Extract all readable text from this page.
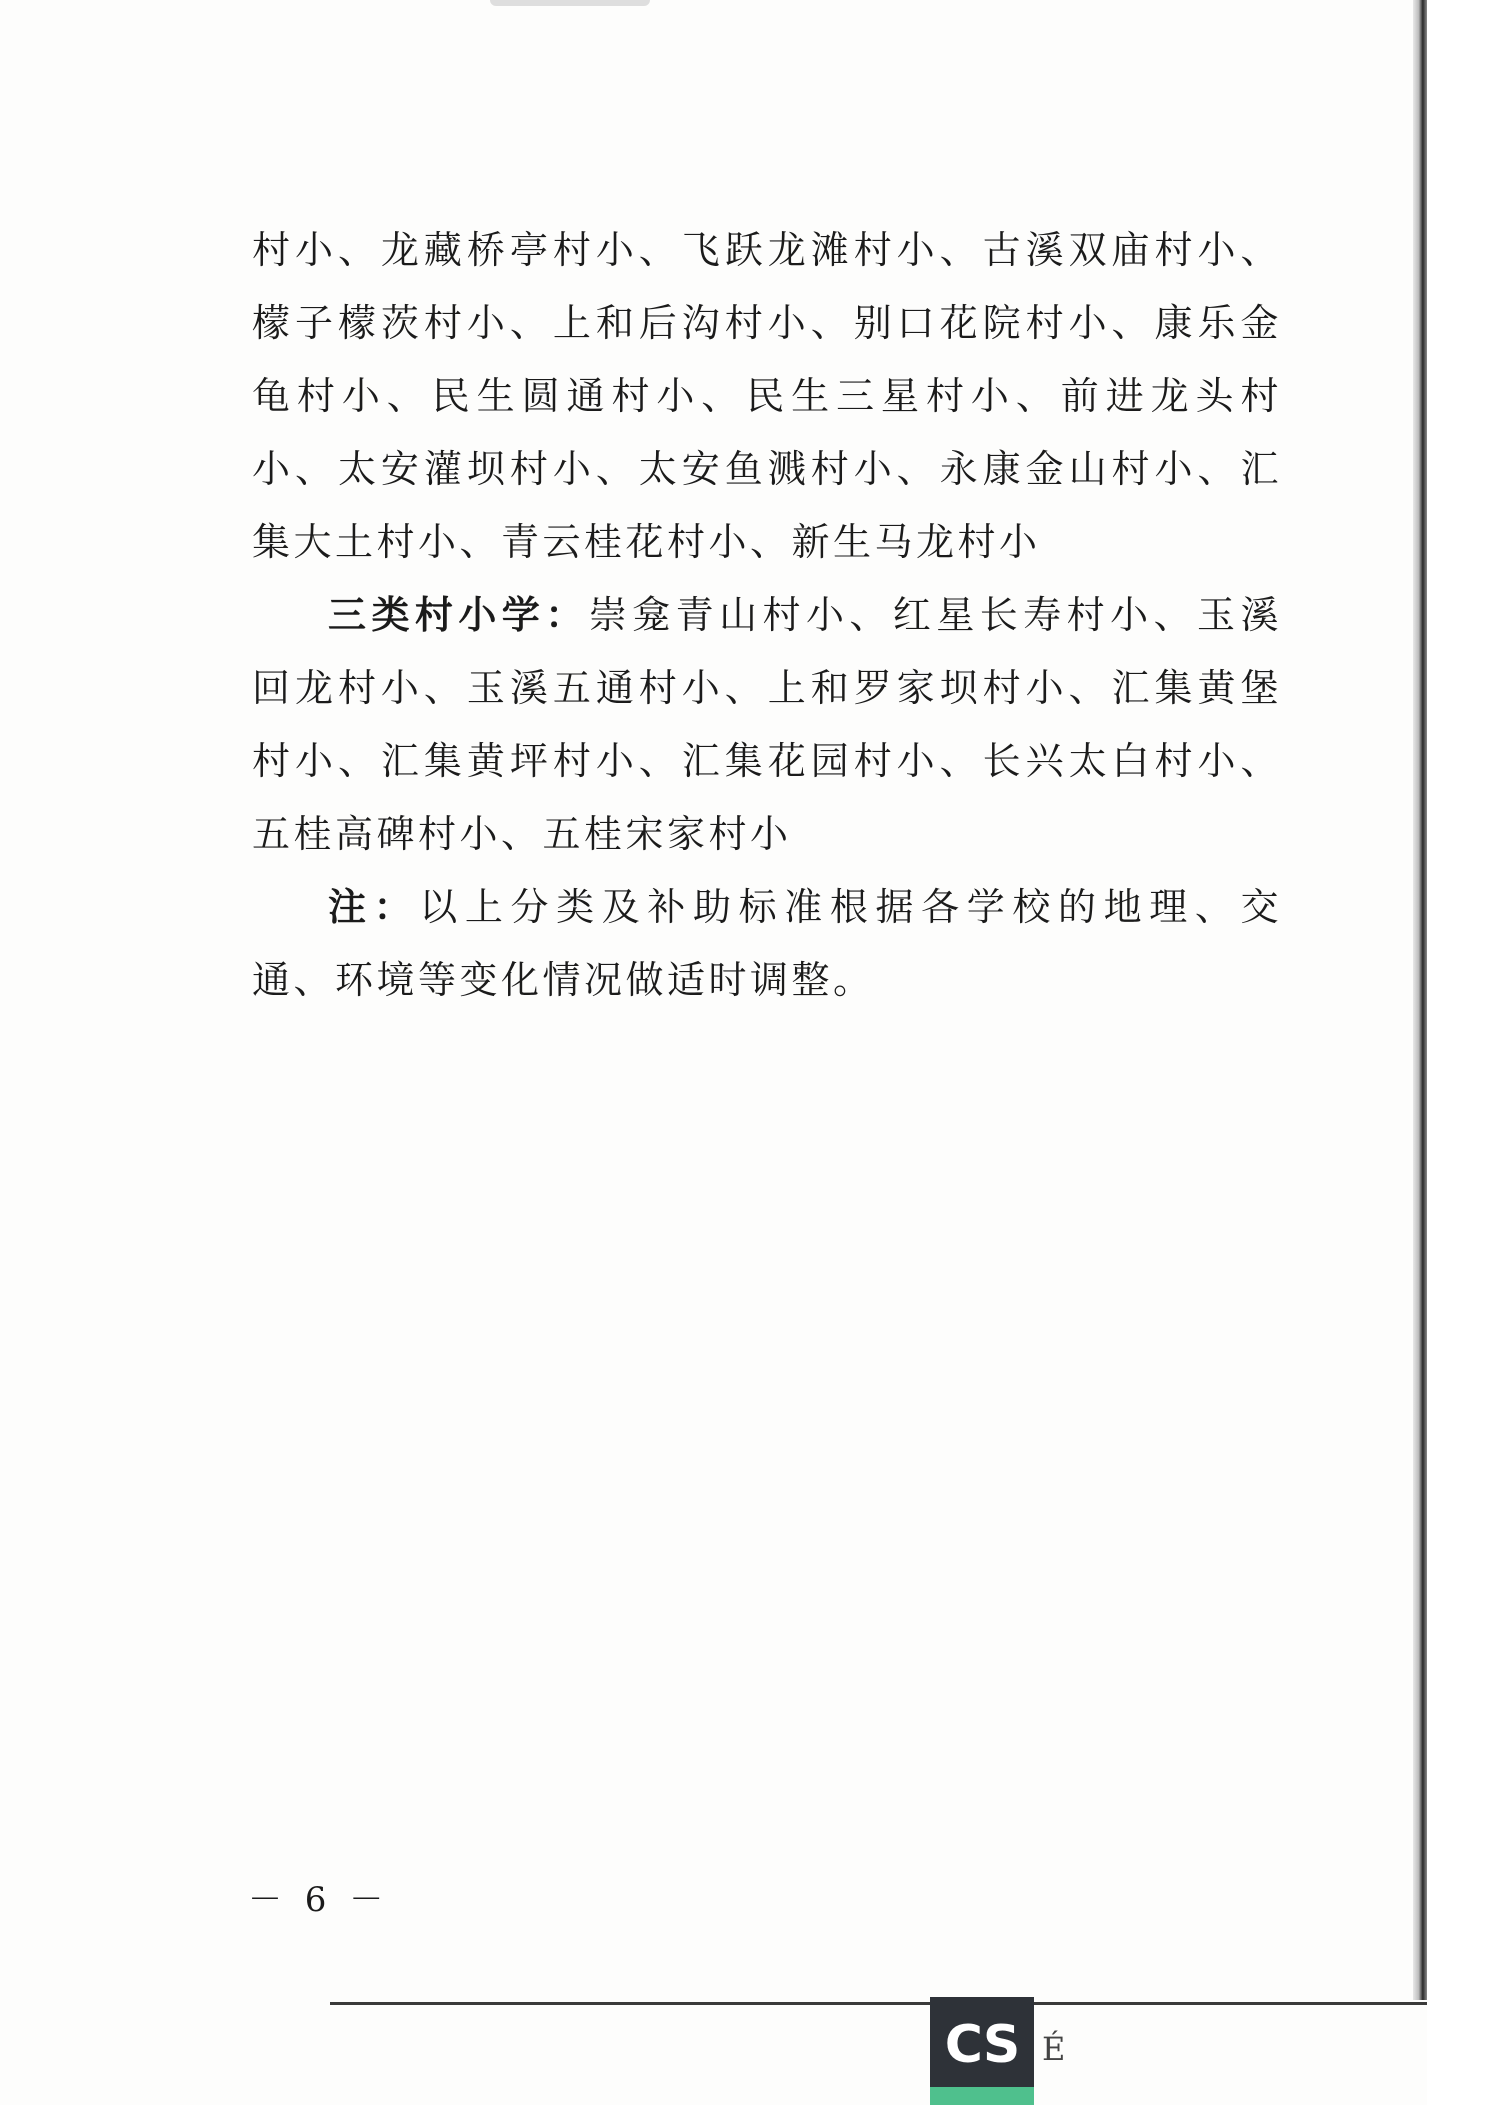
村小、龙藏桥亭村小、飞跃龙滩村小、古溪双庙村小、檬子檬茨村小、上和后沟村小、别口花院村小、康乐金龟村小、民生圆通村小、民生三星村小、前进龙头村小、太安灌坝村小、太安鱼溅村小、永康金山村小、汇集大土村小、青云桂花村小、新生马龙村小

三类村小学：崇龛青山村小、红星长寿村小、玉溪回龙村小、玉溪五通村小、上和罗家坝村小、汇集黄堡村小、汇集黄坪村小、汇集花园村小、长兴太白村小、五桂高碑村小、五桂宋家村小

注：以上分类及补助标准根据各学校的地理、交通、环境等变化情况做适时调整。

－ 6 －
CS É
